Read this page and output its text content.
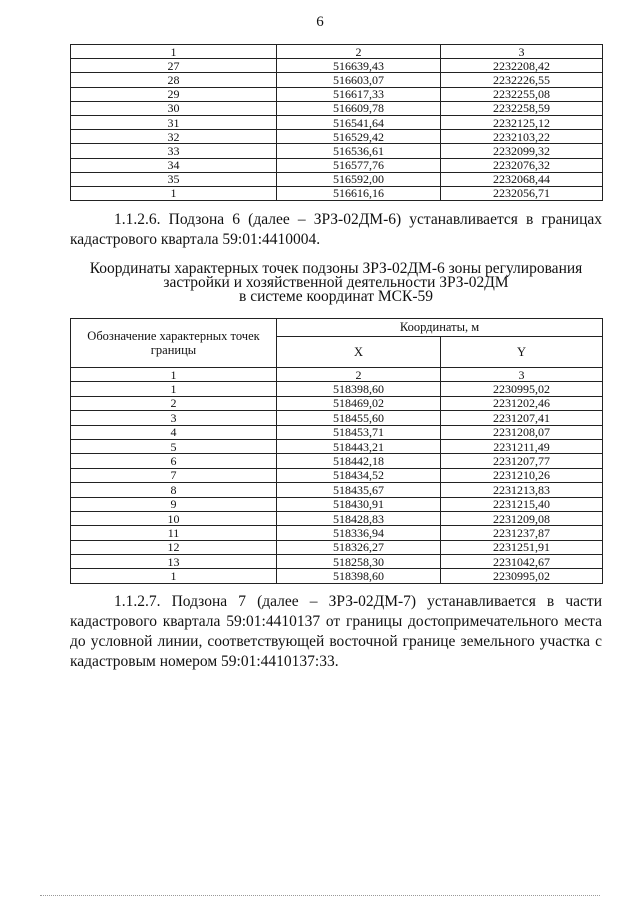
6
1	2	3
27	516639,43	2232208,42
28	516603,07	2232226,55
29	516617,33	2232255,08
30	516609,78	2232258,59
31	516541,64	2232125,12
32	516529,42	2232103,22
33	516536,61	2232099,32
34	516577,76	2232076,32
35	516592,00	2232068,44
1	516616,16	2232056,71
1.1.2.6. Подзона 6 (далее – ЗРЗ-02ДМ-6) устанавливается в границах кадастрового квартала 59:01:4410004.
Координаты характерных точек подзоны ЗРЗ-02ДМ-6 зоны регулирования
застройки и хозяйственной деятельности ЗРЗ-02ДМ
в системе координат МСК-59
Обозначение характерных точек границы	Координаты, м	
	X	Y
1	2	3
1	518398,60	2230995,02
2	518469,02	2231202,46
3	518455,60	2231207,41
4	518453,71	2231208,07
5	518443,21	2231211,49
6	518442,18	2231207,77
7	518434,52	2231210,26
8	518435,67	2231213,83
9	518430,91	2231215,40
10	518428,83	2231209,08
11	518336,94	2231237,87
12	518326,27	2231251,91
13	518258,30	2231042,67
1	518398,60	2230995,02
1.1.2.7. Подзона 7 (далее – ЗРЗ-02ДМ-7) устанавливается в части кадастрового квартала 59:01:4410137 от границы достопримечательного места до условной линии, соответствующей восточной границе земельного участка с кадастровым номером 59:01:4410137:33.
